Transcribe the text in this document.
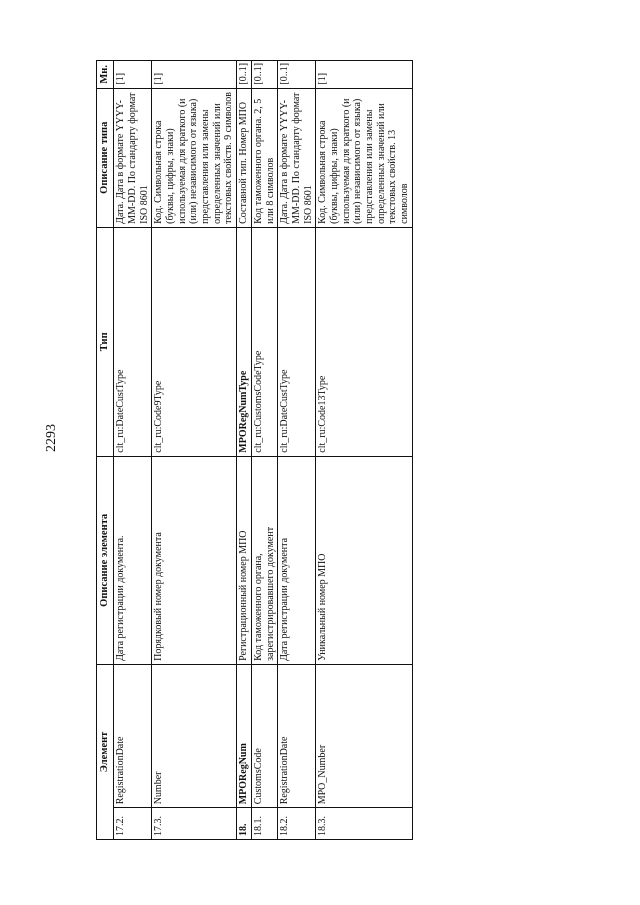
2293
Элемент		Описание элемента	Тип	Описание типа	Мн.
17.2.	RegistrationDate	Дата регистрации документа.	clt_ru:DateCustType	Дата. Дата в формате YYYY-MM-DD. По стандарту формат ISO 8601	[1]
17.3.	Number	Порядковый номер документа	clt_ru:Code9Type	Код. Символьная строка (буквы, цифры, знаки) используемая для краткого (и (или) независимого от языка) представления или замены определенных значений или текстовых свойств. 9 символов	[1]
18.	MPORegNum	Регистрационный номер МПО	MPORegNumType	Составной тип. Номер МПО	[0..1]
18.1.	CustomsCode	Код таможенного органа, зарегистрировавшего документ	clt_ru:CustomsCodeType	Код таможенного органа. 2, 5 или 8 символов	[0..1]
18.2.	RegistrationDate	Дата регистрации документа	clt_ru:DateCustType	Дата. Дата в формате YYYY-MM-DD. По стандарту формат ISO 8601	[0..1]
18.3.	MPO_Number	Уникальный номер МПО	clt_ru:Code13Type	Код. Символьная строка (буквы, цифры, знаки) используемая для краткого (и (или) независимого от языка) представления или замены определенных значений или текстовых свойств. 13 символов	[1]
